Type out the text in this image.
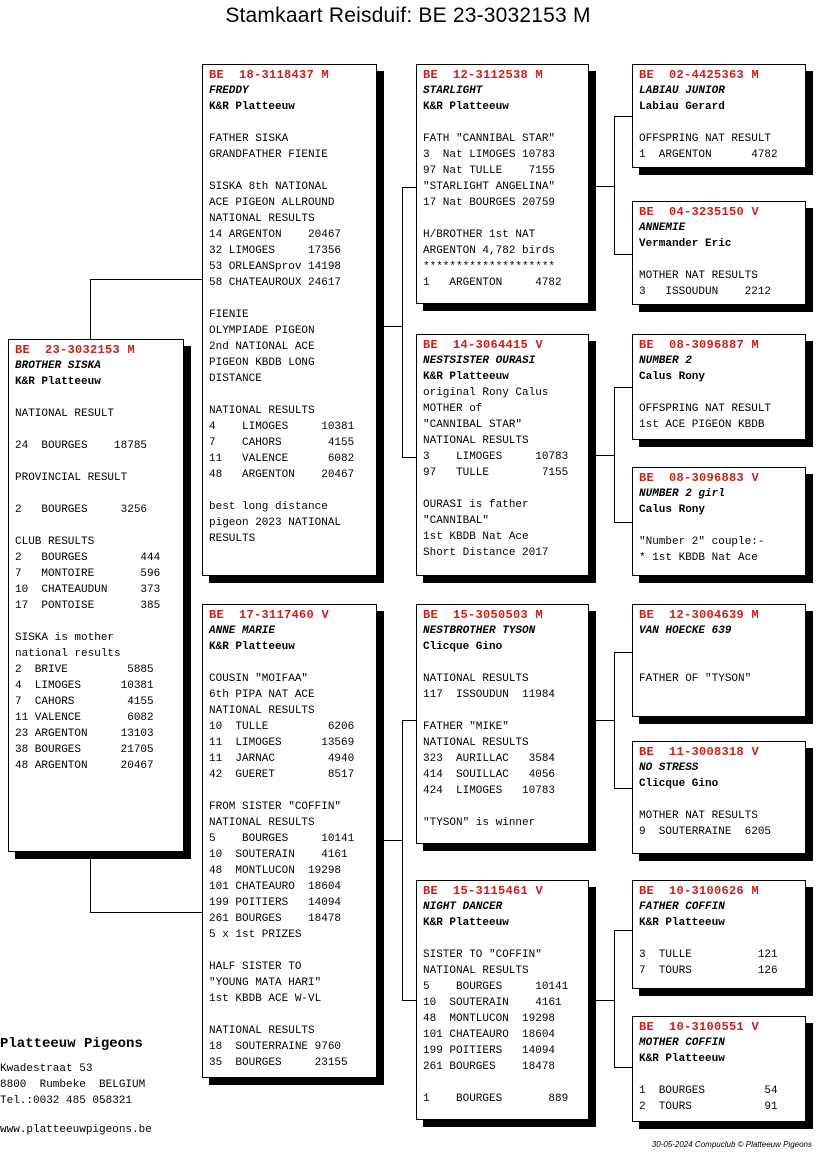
Stamkaart Reisduif: BE 23-3032153 M
BE  23-3032153 M
BROTHER SISKA
K&R Platteeuw
NATIONAL RESULT
24  BOURGES    18785
PROVINCIAL RESULT
2   BOURGES     3256
CLUB RESULTS
2   BOURGES        444
7   MONTOIRE       596
10  CHATEAUDUN     373
17  PONTOISE       385
SISKA is mother
national results
2  BRIVE         5885
4  LIMOGES      10381
7  CAHORS        4155
11 VALENCE       6082
23 ARGENTON     13103
38 BOURGES      21705
48 ARGENTON     20467
BE  18-3118437 M
FREDDY
K&R Platteeuw
FATHER SISKA
GRANDFATHER FIENIE
SISKA 8th NATIONAL
ACE PIGEON ALLROUND
NATIONAL RESULTS
14 ARGENTON    20467
32 LIMOGES     17356
53 ORLEANSprov 14198
58 CHATEAUROUX 24617
FIENIE
OLYMPIADE PIGEON
2nd NATIONAL ACE
PIGEON KBDB LONG
DISTANCE
NATIONAL RESULTS
4    LIMOGES     10381
7    CAHORS       4155
11   VALENCE      6082
48   ARGENTON    20467
best long distance
pigeon 2023 NATIONAL
RESULTS
BE  17-3117460 V
ANNE MARIE
K&R Platteeuw
COUSIN "MOIFAA"
6th PIPA NAT ACE
NATIONAL RESULTS
10  TULLE         6206
11  LIMOGES      13569
11  JARNAC        4940
42  GUERET        8517
FROM SISTER "COFFIN"
NATIONAL RESULTS
5    BOURGES     10141
10  SOUTERAIN    4161
48  MONTLUCON  19298
101 CHATEAURO  18604
199 POITIERS   14094
261 BOURGES    18478
5 x 1st PRIZES
HALF SISTER TO
"YOUNG MATA HARI"
1st KBDB ACE W-VL
NATIONAL RESULTS
18  SOUTERRAINE 9760
35  BOURGES     23155
BE  12-3112538 M
STARLIGHT
K&R Platteeuw
FATH "CANNIBAL STAR"
3  Nat LIMOGES 10783
97 Nat TULLE    7155
"STARLIGHT ANGELINA"
17 Nat BOURGES 20759
H/BROTHER 1st NAT
ARGENTON 4,782 birds
********************
1   ARGENTON     4782
BE  14-3064415 V
NESTSISTER OURASI
K&R Platteeuw
original Rony Calus
MOTHER of
"CANNIBAL STAR"
NATIONAL RESULTS
3    LIMOGES     10783
97   TULLE        7155
OURASI is father
"CANNIBAL"
1st KBDB Nat Ace
Short Distance 2017
BE  15-3050503 M
NESTBROTHER TYSON
Clicque Gino
NATIONAL RESULTS
117  ISSOUDUN  11984
FATHER "MIKE"
NATIONAL RESULTS
323  AURILLAC   3584
414  SOUILLAC   4056
424  LIMOGES   10783
"TYSON" is winner
BE  15-3115461 V
NIGHT DANCER
K&R Platteeuw
SISTER TO "COFFIN"
NATIONAL RESULTS
5    BOURGES     10141
10  SOUTERAIN    4161
48  MONTLUCON  19298
101 CHATEAURO  18604
199 POITIERS   14094
261 BOURGES    18478
1    BOURGES       889
BE  02-4425363 M
LABIAU JUNIOR
Labiau Gerard
OFFSPRING NAT RESULT
1  ARGENTON      4782
BE  04-3235150 V
ANNEMIE
Vermander Eric
MOTHER NAT RESULTS
3   ISSOUDUN    2212
BE  08-3096887 M
NUMBER 2
Calus Rony
OFFSPRING NAT RESULT
1st ACE PIGEON KBDB
BE  08-3096883 V
NUMBER 2 girl
Calus Rony
"Number 2" couple:-
* 1st KBDB Nat Ace
BE  12-3004639 M
VAN HOECKE 639
FATHER OF "TYSON"
BE  11-3008318 V
NO STRESS
Clicque Gino
MOTHER NAT RESULTS
9  SOUTERRAINE  6205
BE  10-3100626 M
FATHER COFFIN
K&R Platteeuw
3  TULLE          121
7  TOURS          126
BE  10-3100551 V
MOTHER COFFIN
K&R Platteeuw
1  BOURGES         54
2  TOURS           91
Platteeuw Pigeons
Kwadestraat 53
8800  Rumbeke  BELGIUM
Tel.:0032 485 058321
www.platteeuwpigeons.be
30-05-2024 Compuclub © Platteeuw Pigeons
